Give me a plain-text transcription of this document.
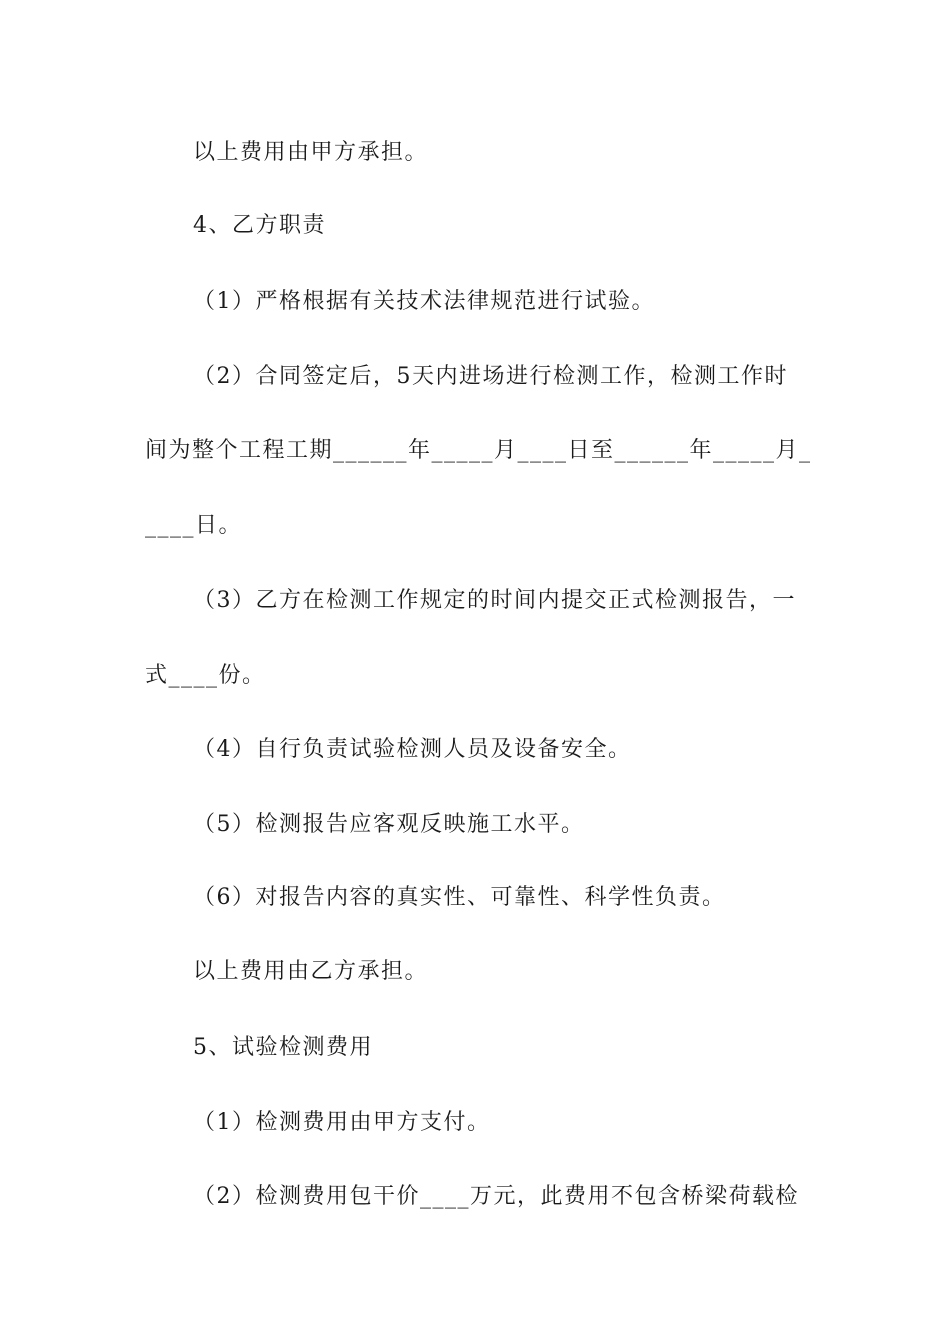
以上费用由甲方承担。
4、乙方职责
（1）严格根据有关技术法律规范进行试验。
（2）合同签定后，5天内进场进行检测工作，检测工作时
间为整个工程工期______年_____月____日至______年_____月_
____日。
（3）乙方在检测工作规定的时间内提交正式检测报告，一
式____份。
（4）自行负责试验检测人员及设备安全。
（5）检测报告应客观反映施工水平。
（6）对报告内容的真实性、可靠性、科学性负责。
以上费用由乙方承担。
5、试验检测费用
（1）检测费用由甲方支付。
（2）检测费用包干价____万元，此费用不包含桥梁荷载检
